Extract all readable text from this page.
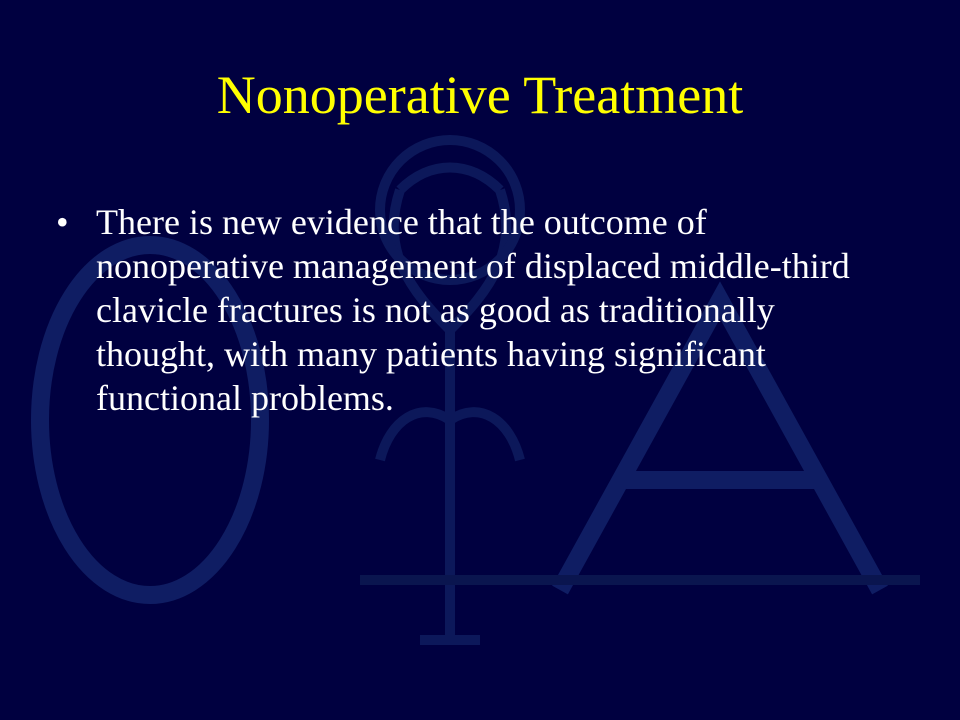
Nonoperative Treatment
• There is new evidence that the outcome of nonoperative management of displaced middle-third clavicle fractures is not as good as traditionally thought, with many patients having significant functional problems.
